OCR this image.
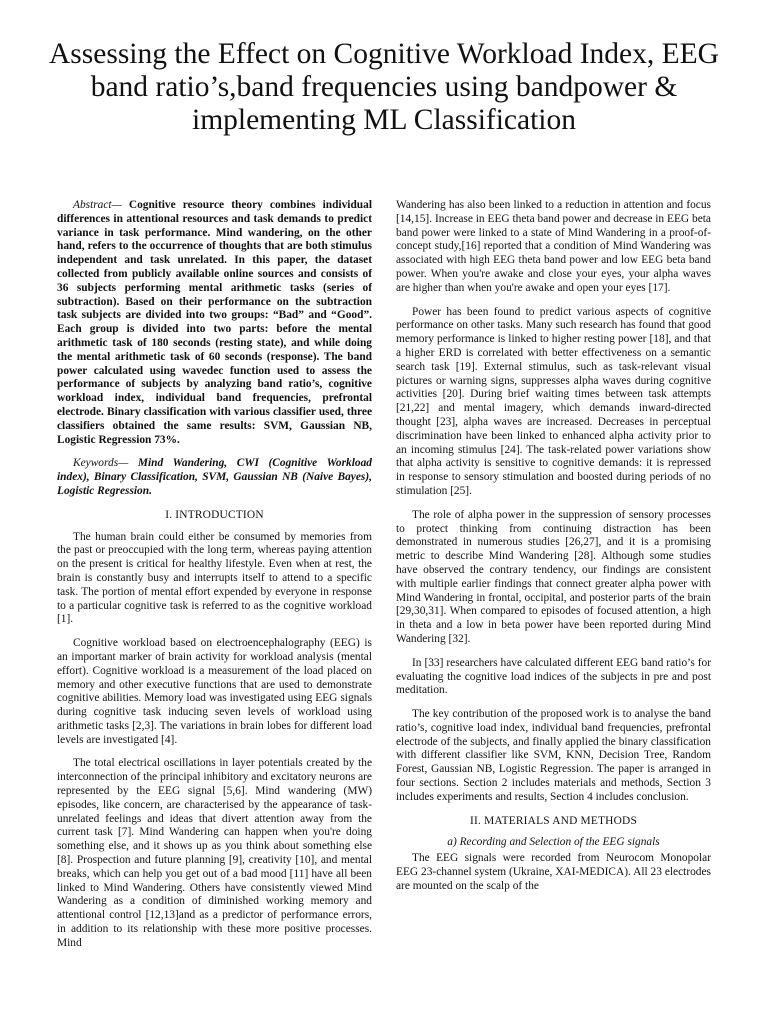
Assessing the Effect on Cognitive Workload Index, EEG band ratio’s,band frequencies using bandpower & implementing ML Classification

Abstract— Cognitive resource theory combines individual differences in attentional resources and task demands to predict variance in task performance. Mind wandering, on the other hand, refers to the occurrence of thoughts that are both stimulus independent and task unrelated. In this paper, the dataset collected from publicly available online sources and consists of 36 subjects performing mental arithmetic tasks (series of subtraction). Based on their performance on the subtraction task subjects are divided into two groups: “Bad” and “Good”. Each group is divided into two parts: before the mental arithmetic task of 180 seconds (resting state), and while doing the mental arithmetic task of 60 seconds (response). The band power calculated using wavedec function used to assess the performance of subjects by analyzing band ratio’s, cognitive workload index, individual band frequencies, prefrontal electrode. Binary classification with various classifier used, three classifiers obtained the same results: SVM, Gaussian NB, Logistic Regression 73%.

Keywords— Mind Wandering, CWI (Cognitive Workload index), Binary Classification, SVM, Gaussian NB (Naive Bayes), Logistic Regression.

I. INTRODUCTION

The human brain could either be consumed by memories from the past or preoccupied with the long term, whereas paying attention on the present is critical for healthy lifestyle. Even when at rest, the brain is constantly busy and interrupts itself to attend to a specific task. The portion of mental effort expended by everyone in response to a particular cognitive task is referred to as the cognitive workload [1].

Cognitive workload based on electroencephalography (EEG) is an important marker of brain activity for workload analysis (mental effort). Cognitive workload is a measurement of the load placed on memory and other executive functions that are used to demonstrate cognitive abilities. Memory load was investigated using EEG signals during cognitive task inducing seven levels of workload using arithmetic tasks [2,3]. The variations in brain lobes for different load levels are investigated [4].

The total electrical oscillations in layer potentials created by the interconnection of the principal inhibitory and excitatory neurons are represented by the EEG signal [5,6]. Mind wandering (MW) episodes, like concern, are characterised by the appearance of task-unrelated feelings and ideas that divert attention away from the current task [7]. Mind Wandering can happen when you're doing something else, and it shows up as you think about something else [8]. Prospection and future planning [9], creativity [10], and mental breaks, which can help you get out of a bad mood [11] have all been linked to Mind Wandering. Others have consistently viewed Mind Wandering as a condition of diminished working memory and attentional control [12,13]and as a predictor of performance errors, in addition to its relationship with these more positive processes. Mind

Wandering has also been linked to a reduction in attention and focus [14,15]. Increase in EEG theta band power and decrease in EEG beta band power were linked to a state of Mind Wandering in a proof-of-concept study,[16] reported that a condition of Mind Wandering was associated with high EEG theta band power and low EEG beta band power. When you're awake and close your eyes, your alpha waves are higher than when you're awake and open your eyes [17].

Power has been found to predict various aspects of cognitive performance on other tasks. Many such research has found that good memory performance is linked to higher resting power [18], and that a higher ERD is correlated with better effectiveness on a semantic search task [19]. External stimulus, such as task-relevant visual pictures or warning signs, suppresses alpha waves during cognitive activities [20]. During brief waiting times between task attempts [21,22] and mental imagery, which demands inward-directed thought [23], alpha waves are increased. Decreases in perceptual discrimination have been linked to enhanced alpha activity prior to an incoming stimulus [24]. The task-related power variations show that alpha activity is sensitive to cognitive demands: it is repressed in response to sensory stimulation and boosted during periods of no stimulation [25].

The role of alpha power in the suppression of sensory processes to protect thinking from continuing distraction has been demonstrated in numerous studies [26,27], and it is a promising metric to describe Mind Wandering [28]. Although some studies have observed the contrary tendency, our findings are consistent with multiple earlier findings that connect greater alpha power with Mind Wandering in frontal, occipital, and posterior parts of the brain [29,30,31]. When compared to episodes of focused attention, a high in theta and a low in beta power have been reported during Mind Wandering [32].

In [33] researchers have calculated different EEG band ratio’s for evaluating the cognitive load indices of the subjects in pre and post meditation.

The key contribution of the proposed work is to analyse the band ratio’s, cognitive load index, individual band frequencies, prefrontal electrode of the subjects, and finally applied the binary classification with different classifier like SVM, KNN, Decision Tree, Random Forest, Gaussian NB, Logistic Regression. The paper is arranged in four sections. Section 2 includes materials and methods, Section 3 includes experiments and results, Section 4 includes conclusion.

II. MATERIALS AND METHODS
a) Recording and Selection of the EEG signals

The EEG signals were recorded from Neurocom Monopolar EEG 23-channel system (Ukraine, XAI-MEDICA). All 23 electrodes are mounted on the scalp of the
